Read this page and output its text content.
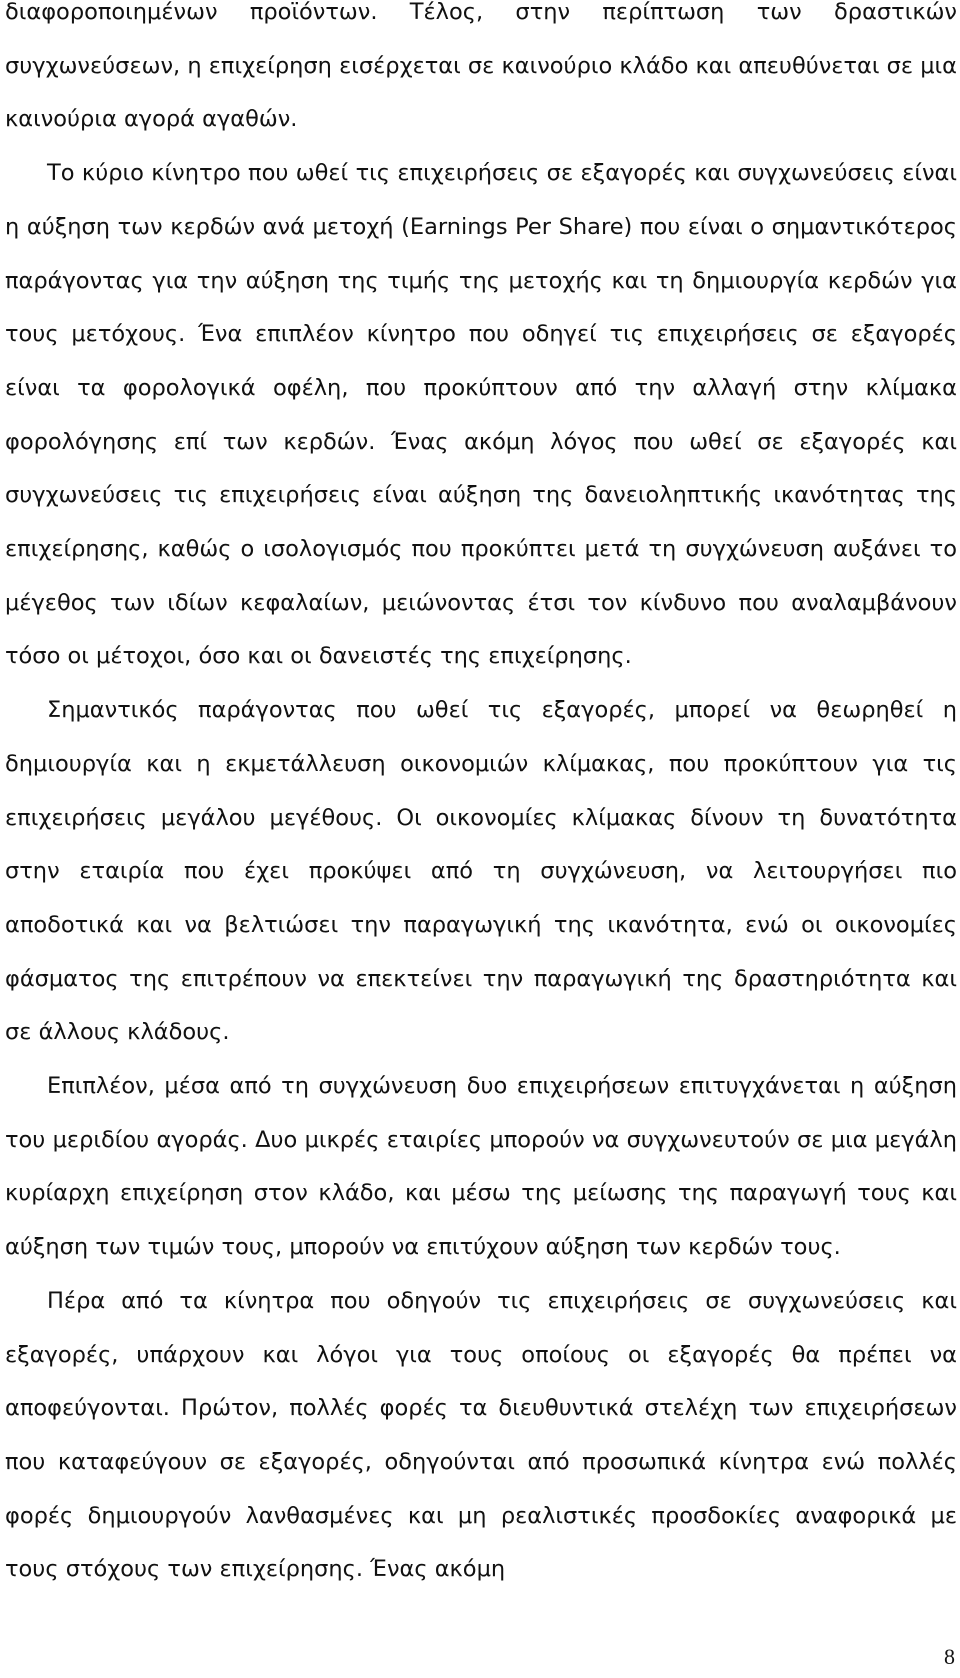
διαφοροποιημένων προϊόντων. Τέλος, στην περίπτωση των δραστικών συγχωνεύσεων, η επιχείρηση εισέρχεται σε καινούριο κλάδο και απευθύνεται σε μια καινούρια αγορά αγαθών.

Το κύριο κίνητρο που ωθεί τις επιχειρήσεις σε εξαγορές και συγχωνεύσεις είναι η αύξηση των κερδών ανά μετοχή (Earnings Per Share) που είναι ο σημαντικότερος παράγοντας για την αύξηση της τιμής της μετοχής και τη δημιουργία κερδών για τους μετόχους. Ένα επιπλέον κίνητρο που οδηγεί τις επιχειρήσεις σε εξαγορές είναι τα φορολογικά οφέλη, που προκύπτουν από την αλλαγή στην κλίμακα φορολόγησης επί των κερδών. Ένας ακόμη λόγος που ωθεί σε εξαγορές και συγχωνεύσεις τις επιχειρήσεις είναι αύξηση της δανειοληπτικής ικανότητας της επιχείρησης, καθώς ο ισολογισμός που προκύπτει μετά τη συγχώνευση αυξάνει το μέγεθος των ιδίων κεφαλαίων, μειώνοντας έτσι τον κίνδυνο που αναλαμβάνουν τόσο οι μέτοχοι, όσο και οι δανειστές της επιχείρησης.

Σημαντικός παράγοντας που ωθεί τις εξαγορές, μπορεί να θεωρηθεί η δημιουργία και η εκμετάλλευση οικονομιών κλίμακας, που προκύπτουν για τις επιχειρήσεις μεγάλου μεγέθους. Οι οικονομίες κλίμακας δίνουν τη δυνατότητα στην εταιρία που έχει προκύψει από τη συγχώνευση, να λειτουργήσει πιο αποδοτικά και να βελτιώσει την παραγωγική της ικανότητα, ενώ οι οικονομίες φάσματος της επιτρέπουν να επεκτείνει την παραγωγική της δραστηριότητα και σε άλλους κλάδους.

Επιπλέον, μέσα από τη συγχώνευση δυο επιχειρήσεων επιτυγχάνεται η αύξηση του μεριδίου αγοράς. Δυο μικρές εταιρίες μπορούν να συγχωνευτούν σε μια μεγάλη κυρίαρχη επιχείρηση στον κλάδο, και μέσω της μείωσης της παραγωγή τους και αύξηση των τιμών τους, μπορούν να επιτύχουν αύξηση των κερδών τους.

Πέρα από τα κίνητρα που οδηγούν τις επιχειρήσεις σε συγχωνεύσεις και εξαγορές, υπάρχουν και λόγοι για τους οποίους οι εξαγορές θα πρέπει να αποφεύγονται. Πρώτον, πολλές φορές τα διευθυντικά στελέχη των επιχειρήσεων που καταφεύγουν σε εξαγορές, οδηγούνται από προσωπικά κίνητρα ενώ πολλές φορές δημιουργούν λανθασμένες και μη ρεαλιστικές προσδοκίες αναφορικά με τους στόχους των επιχείρησης. Ένας ακόμη

8
